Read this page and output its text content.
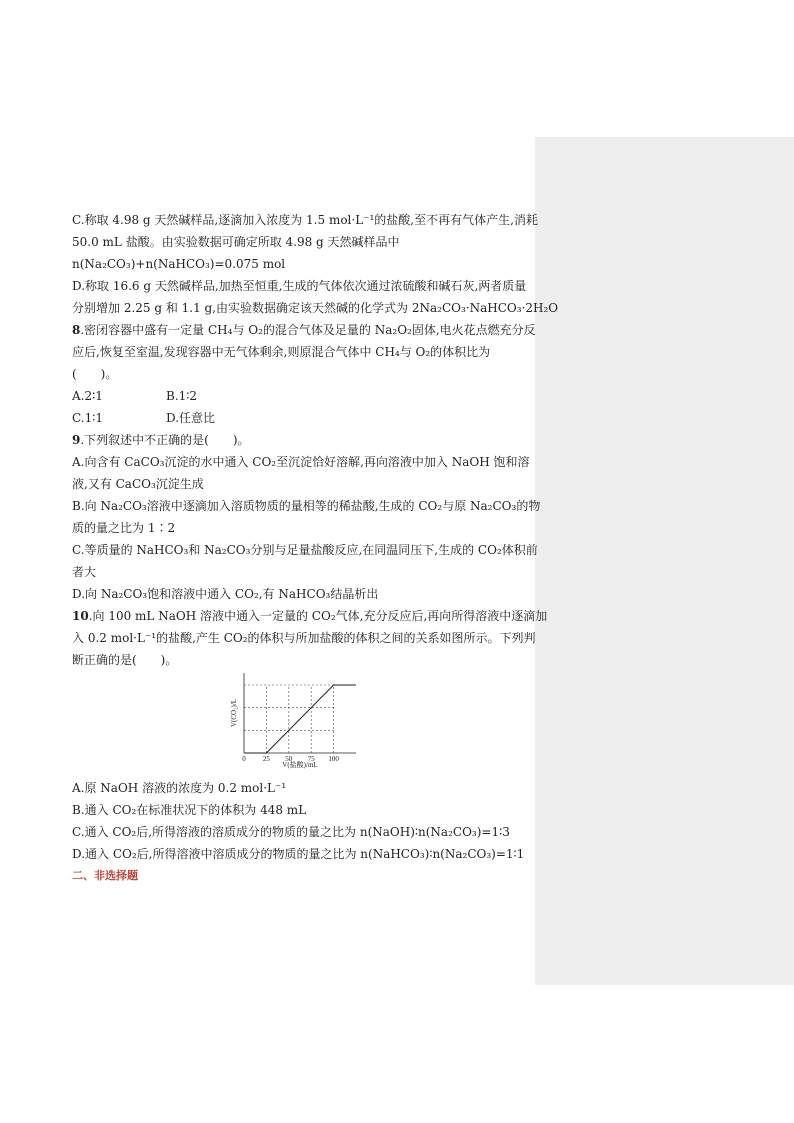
C.称取 4.98 g 天然碱样品,逐滴加入浓度为 1.5 mol·L⁻¹的盐酸,至不再有气体产生,消耗
50.0 mL 盐酸。由实验数据可确定所取 4.98 g 天然碱样品中
n(Na₂CO₃)+n(NaHCO₃)=0.075 mol
D.称取 16.6 g 天然碱样品,加热至恒重,生成的气体依次通过浓硫酸和碱石灰,两者质量
分别增加 2.25 g 和 1.1 g,由实验数据确定该天然碱的化学式为 2Na₂CO₃·NaHCO₃·2H₂O
8.密闭容器中盛有一定量 CH₄与 O₂的混合气体及足量的 Na₂O₂固体,电火花点燃充分反
应后,恢复至室温,发现容器中无气体剩余,则原混合气体中 CH₄与 O₂的体积比为
(　　)。
A.2∶1	B.1∶2
C.1∶1	D.任意比
9.下列叙述中不正确的是(　　)。
A.向含有 CaCO₃沉淀的水中通入 CO₂至沉淀恰好溶解,再向溶液中加入 NaOH 饱和溶
液,又有 CaCO₃沉淀生成
B.向 Na₂CO₃溶液中逐滴加入溶质物质的量相等的稀盐酸,生成的 CO₂与原 Na₂CO₃的物
质的量之比为 1∶2
C.等质量的 NaHCO₃和 Na₂CO₃分别与足量盐酸反应,在同温同压下,生成的 CO₂体积前
者大
D.向 Na₂CO₃饱和溶液中通入 CO₂,有 NaHCO₃结晶析出
10.向 100 mL NaOH 溶液中通入一定量的 CO₂气体,充分反应后,再向所得溶液中逐滴加
入 0.2 mol·L⁻¹的盐酸,产生 CO₂的体积与所加盐酸的体积之间的关系如图所示。下列判
断正确的是(　　)。
0 25 50 75 100
V(盐酸)/mL
V(CO₂)/L
A.原 NaOH 溶液的浓度为 0.2 mol·L⁻¹
B.通入 CO₂在标准状况下的体积为 448 mL
C.通入 CO₂后,所得溶液的溶质成分的物质的量之比为 n(NaOH)∶n(Na₂CO₃)=1∶3
D.通入 CO₂后,所得溶液中溶质成分的物质的量之比为 n(NaHCO₃)∶n(Na₂CO₃)=1∶1
二、非选择题
